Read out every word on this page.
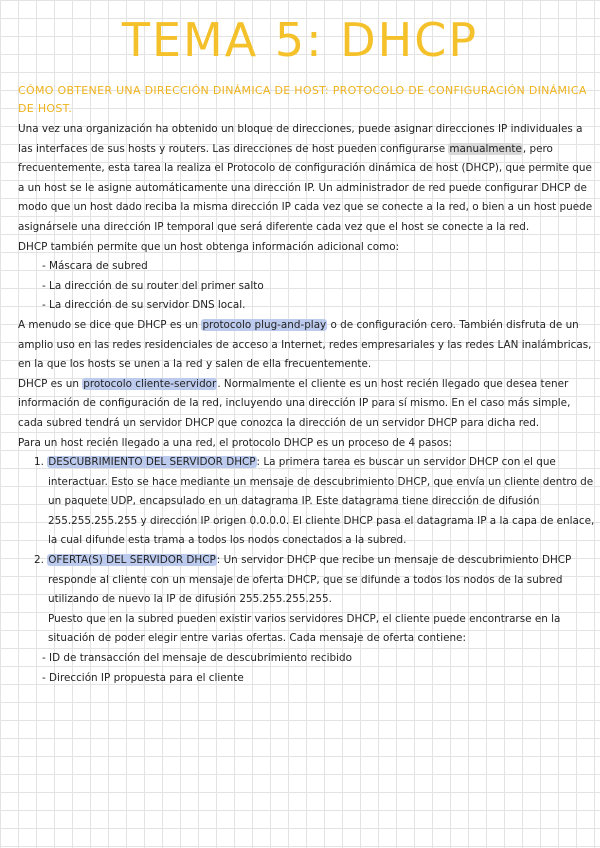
TEMA 5: DHCP
CÓMO OBTENER UNA DIRECCIÓN DINÁMICA DE HOST: PROTOCOLO DE CONFIGURACIÓN DINÁMICA DE HOST.

Una vez una organización ha obtenido un bloque de direcciones, puede asignar direcciones IP individuales a las interfaces de sus hosts y routers. Las direcciones de host pueden configurarse manualmente, pero frecuentemente, esta tarea la realiza el Protocolo de configuración dinámica de host (DHCP), que permite que a un host se le asigne automáticamente una dirección IP. Un administrador de red puede configurar DHCP de modo que un host dado reciba la misma dirección IP cada vez que se conecte a la red, o bien a un host puede asignársele una dirección IP temporal que será diferente cada vez que el host se conecte a la red.

DHCP también permite que un host obtenga información adicional como:

- Máscara de subred

- La dirección de su router del primer salto

- La dirección de su servidor DNS local.

A menudo se dice que DHCP es un protocolo plug-and-play o de configuración cero. También disfruta de un amplio uso en las redes residenciales de acceso a Internet, redes empresariales y las redes LAN inalámbricas, en la que los hosts se unen a la red y salen de ella frecuentemente.

DHCP es un protocolo cliente-servidor. Normalmente el cliente es un host recién llegado que desea tener información de configuración de la red, incluyendo una dirección IP para sí mismo. En el caso más simple, cada subred tendrá un servidor DHCP que conozca la dirección de un servidor DHCP para dicha red.

Para un host recién llegado a una red, el protocolo DHCP es un proceso de 4 pasos:

1. DESCUBRIMIENTO DEL SERVIDOR DHCP: La primera tarea es buscar un servidor DHCP con el que interactuar. Esto se hace mediante un mensaje de descubrimiento DHCP, que envía un cliente dentro de un paquete UDP, encapsulado en un datagrama IP. Este datagrama tiene dirección de difusión 255.255.255.255 y dirección IP origen 0.0.0.0. El cliente DHCP pasa el datagrama IP a la capa de enlace, la cual difunde esta trama a todos los nodos conectados a la subred.

2. OFERTA(S) DEL SERVIDOR DHCP: Un servidor DHCP que recibe un mensaje de descubrimiento DHCP responde al cliente con un mensaje de oferta DHCP, que se difunde a todos los nodos de la subred utilizando de nuevo la IP de difusión 255.255.255.255.

Puesto que en la subred pueden existir varios servidores DHCP, el cliente puede encontrarse en la situación de poder elegir entre varias ofertas. Cada mensaje de oferta contiene:

- ID de transacción del mensaje de descubrimiento recibido

- Dirección IP propuesta para el cliente
